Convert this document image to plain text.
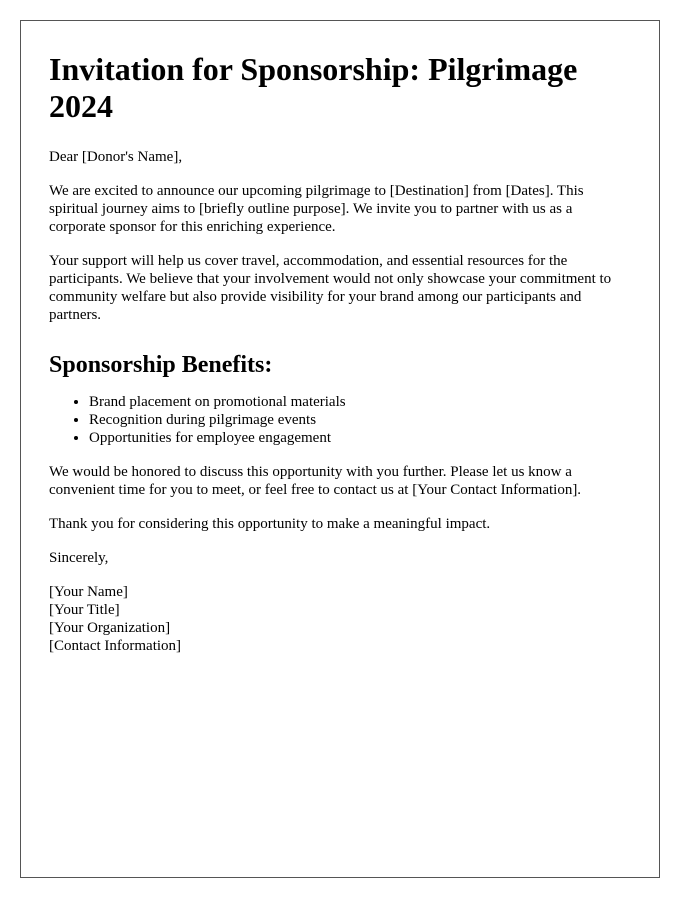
Invitation for Sponsorship: Pilgrimage 2024

Dear [Donor's Name],

We are excited to announce our upcoming pilgrimage to [Destination] from [Dates]. This spiritual journey aims to [briefly outline purpose]. We invite you to partner with us as a corporate sponsor for this enriching experience.

Your support will help us cover travel, accommodation, and essential resources for the participants. We believe that your involvement would not only showcase your commitment to community welfare but also provide visibility for your brand among our participants and partners.

Sponsorship Benefits:
• Brand placement on promotional materials
• Recognition during pilgrimage events
• Opportunities for employee engagement

We would be honored to discuss this opportunity with you further. Please let us know a convenient time for you to meet, or feel free to contact us at [Your Contact Information].

Thank you for considering this opportunity to make a meaningful impact.

Sincerely,

[Your Name]
[Your Title]
[Your Organization]
[Contact Information]
